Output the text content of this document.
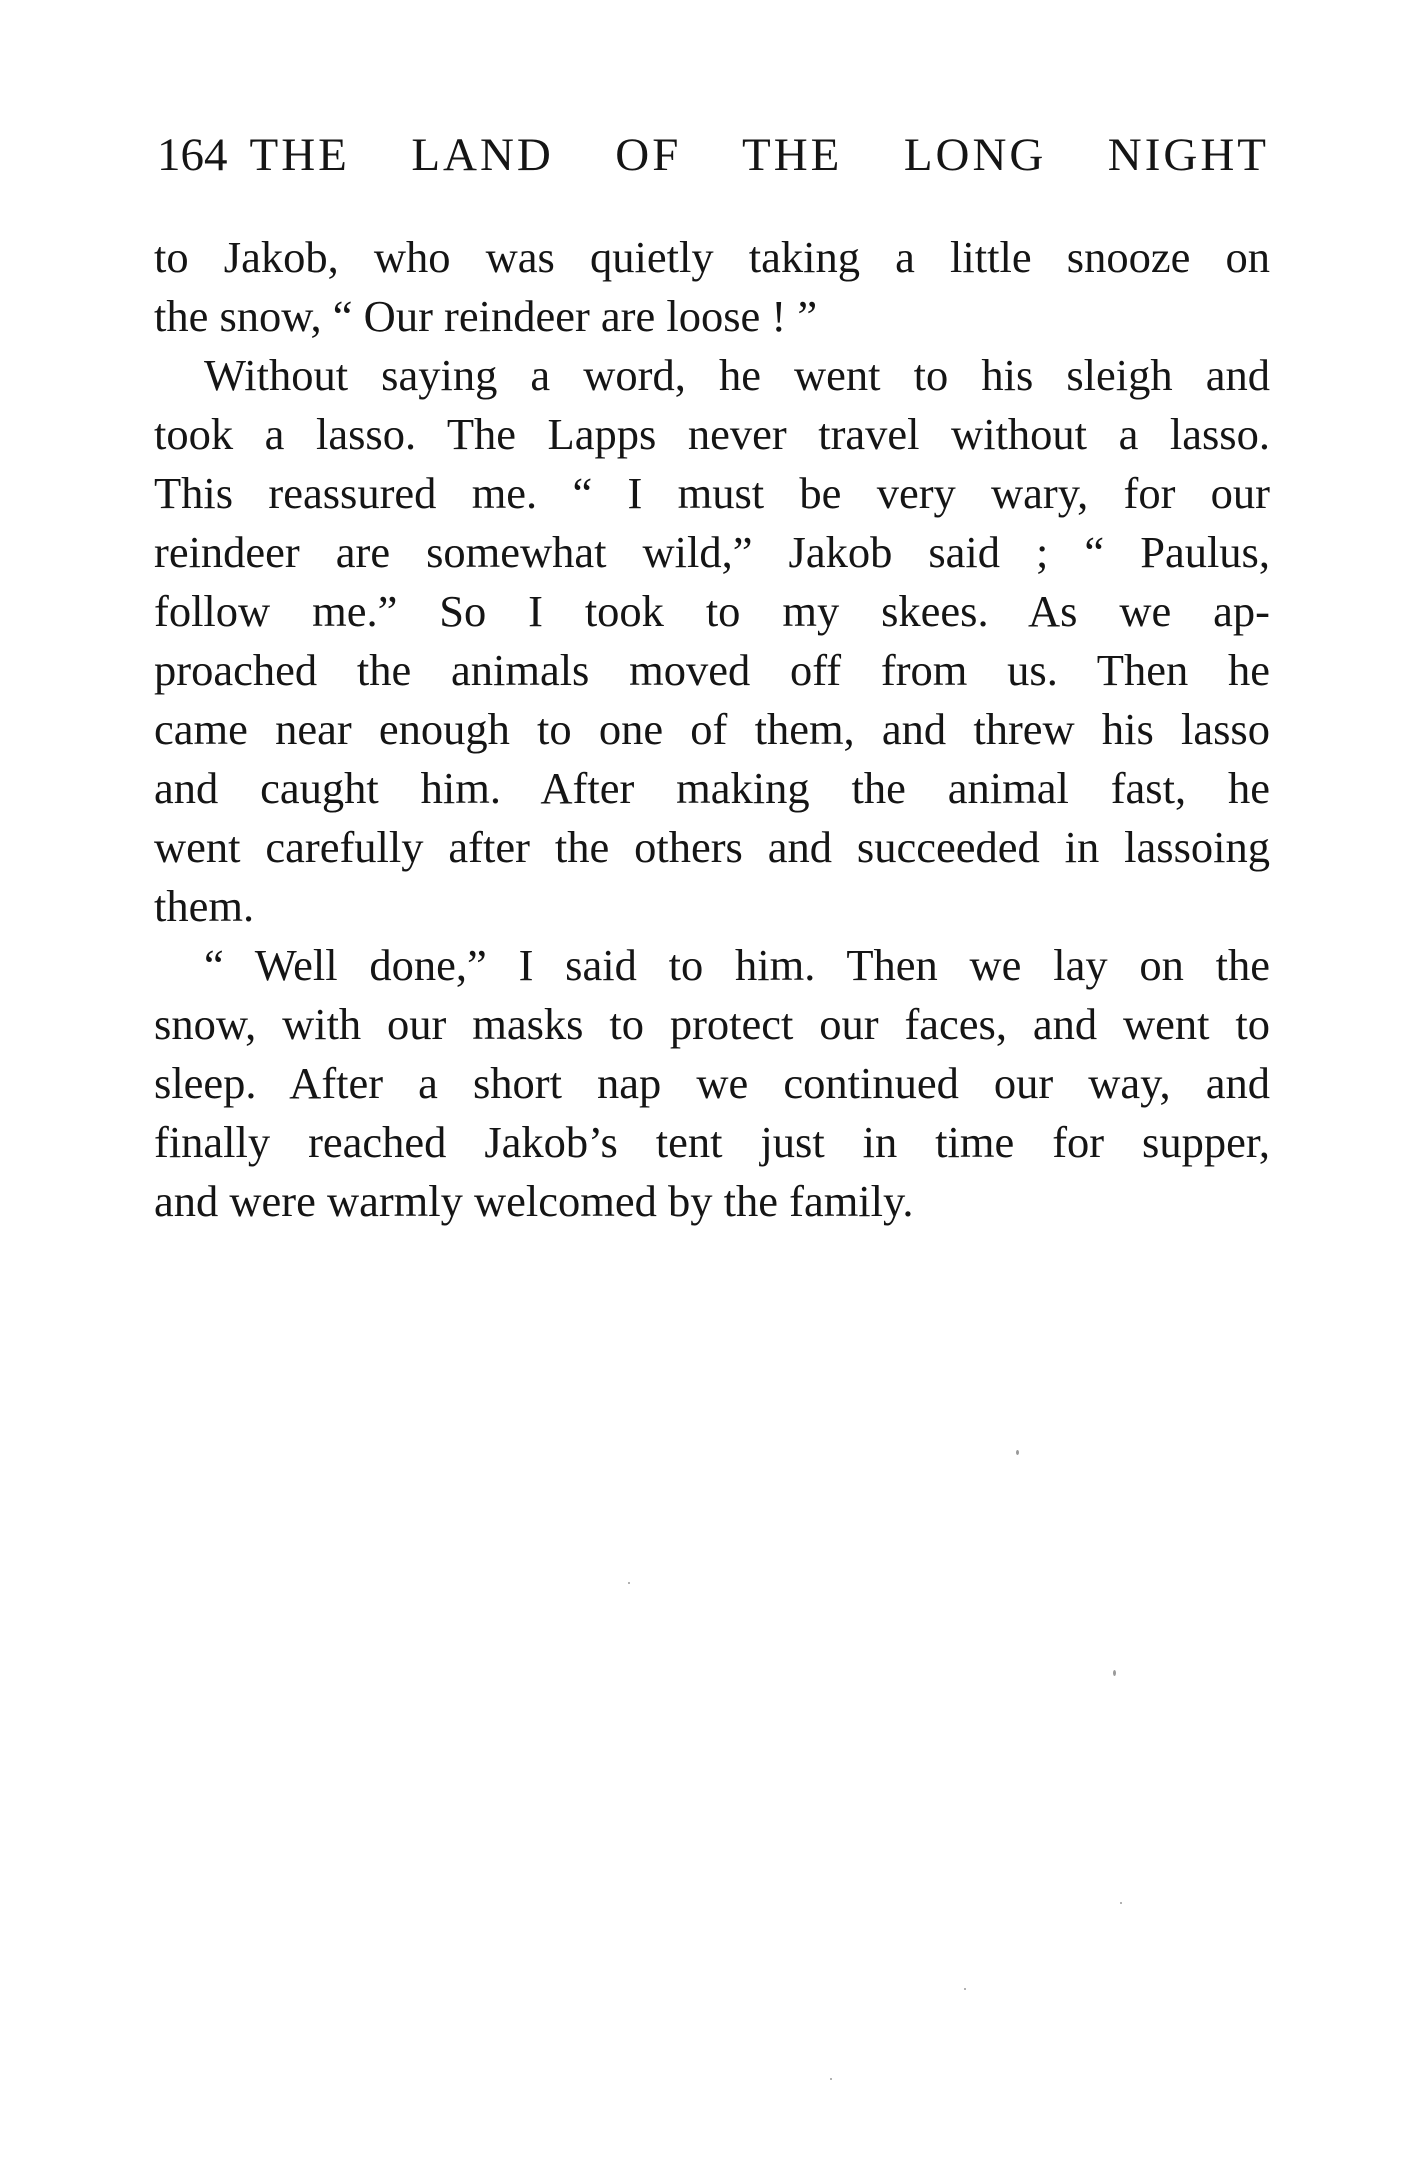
164 THE LAND OF THE LONG NIGHT
to Jakob, who was quietly taking a little snooze on
the snow, “ Our reindeer are loose ! ”
Without saying a word, he went to his sleigh and
took a lasso. The Lapps never travel without a lasso.
This reassured me. “ I must be very wary, for our
reindeer are somewhat wild,” Jakob said ; “ Paulus,
follow me.” So I took to my skees. As we ap-
proached the animals moved off from us. Then he
came near enough to one of them, and threw his lasso
and caught him. After making the animal fast, he
went carefully after the others and succeeded in lassoing
them.
“ Well done,” I said to him. Then we lay on the
snow, with our masks to protect our faces, and went to
sleep. After a short nap we continued our way, and
finally reached Jakob’s tent just in time for supper,
and were warmly welcomed by the family.
